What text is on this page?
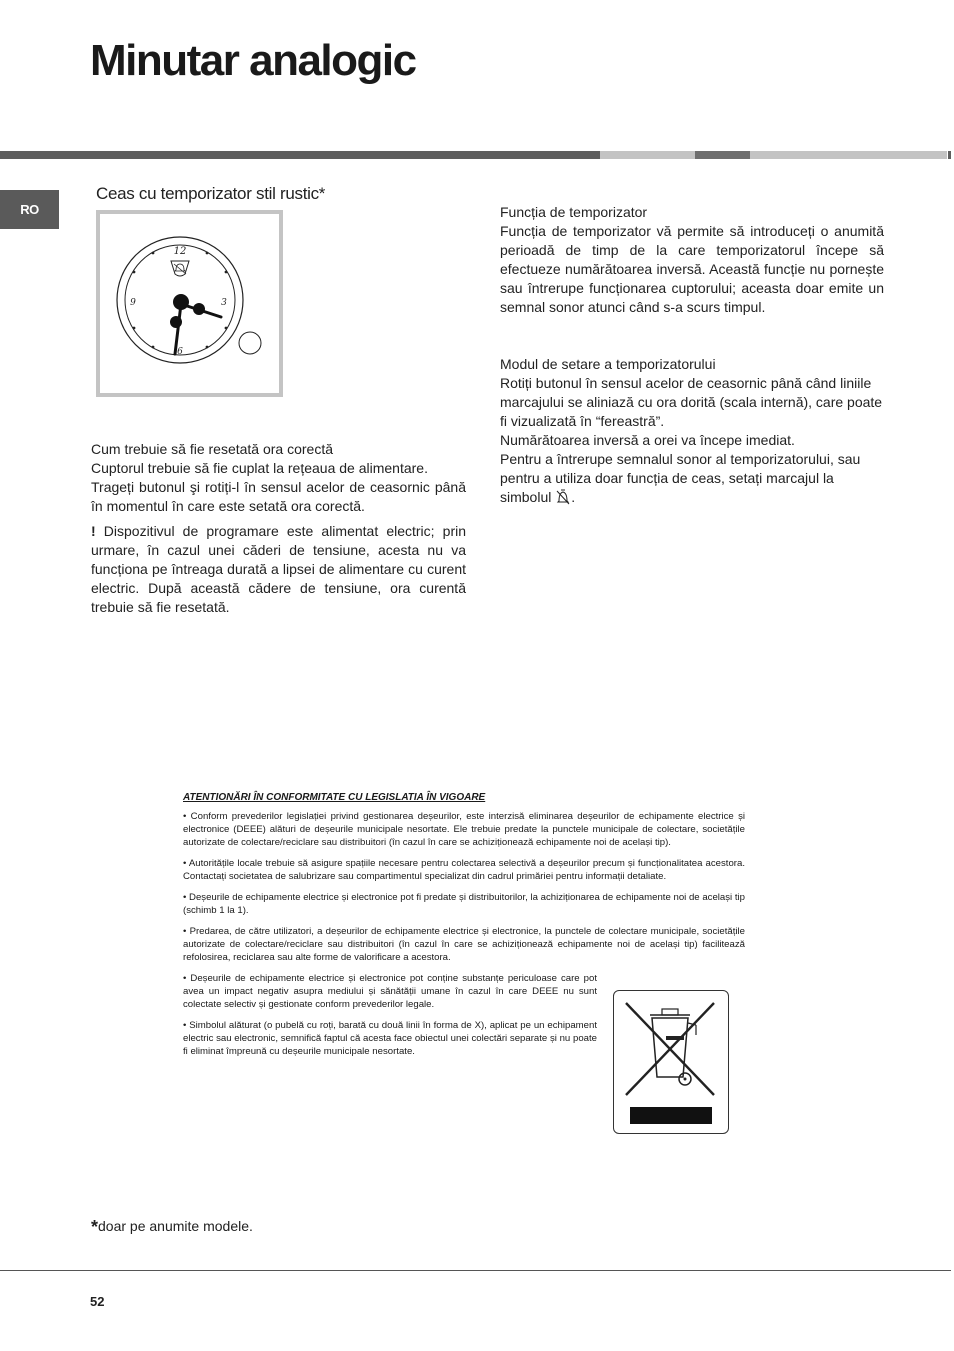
Minutar analogic
RO
Ceas cu temporizator stil rustic*
12
3
6
9

Funcția de temporizator

Funcția de temporizator vă permite să introduceți o anumită perioadă de timp de la care temporizatorul începe să efectueze numărătoarea inversă. Această funcție nu pornește sau întrerupe funcționarea cuptorului; aceasta doar emite un semnal sonor atunci când s-a scurs timpul.

Modul de setare a temporizatorului

Rotiți butonul în sensul acelor de ceasornic până când liniile marcajului se aliniază cu ora dorită (scala internă), care poate fi vizualizată în “fereastră”.

Numărătoarea inversă a orei va începe imediat.

Pentru a întrerupe semnalul sonor al temporizatorului, sau pentru a utiliza doar funcția de ceas, setați marcajul la simbolul .

Cum trebuie să fie resetată ora corectă

Cuptorul trebuie să fie cuplat la rețeaua de alimentare.

Trageți butonul şi rotiți-l în sensul acelor de ceasornic până în momentul în care este setată ora corectă.

! Dispozitivul de programare este alimentat electric; prin urmare, în cazul unei căderi de tensiune, acesta nu va funcționa pe întreaga durată a lipsei de alimentare cu curent electric. După această cădere de tensiune, ora curentă trebuie să fie resetată.

ATENTIONĂRI ÎN CONFORMITATE CU LEGISLATIA ÎN VIGOARE

• Conform prevederilor legislației privind gestionarea deșeurilor, este interzisă eliminarea deșeurilor de echipamente electrice și electronice (DEEE) alături de deșeurile municipale nesortate. Ele trebuie predate la punctele municipale de colectare, societățile autorizate de colectare/reciclare sau distribuitori (în cazul în care se achiziționează echipamente noi de același tip).

• Autoritățile locale trebuie să asigure spațiile necesare pentru colectarea selectivă a deșeurilor precum și funcționalitatea acestora. Contactați societatea de salubrizare sau compartimentul specializat din cadrul primăriei pentru informații detaliate.

• Deșeurile de echipamente electrice și electronice pot fi predate și distribuitorilor, la achiziționarea de echipamente noi de același tip (schimb 1 la 1).

• Predarea, de către utilizatori, a deșeurilor de echipamente electrice și electronice, la punctele de colectare municipale, societățile autorizate de colectare/reciclare sau distribuitori (în cazul în care se achiziționează echipamente noi de același tip) facilitează refolosirea, reciclarea sau alte forme de valorificare a acestora.

• Deșeurile de echipamente electrice și electronice pot conține substanțe periculoase care pot avea un impact negativ asupra mediului și sănătății umane în cazul în care DEEE nu sunt colectate selectiv și gestionate conform prevederilor legale.

• Simbolul alăturat (o pubelă cu roți, barată cu două linii în forma de X), aplicat pe un echipament electric sau electronic, semnifică faptul că acesta face obiectul unei colectări separate și nu poate fi eliminat împreună cu deșeurile municipale nesortate.

*doar pe anumite modele.
52
